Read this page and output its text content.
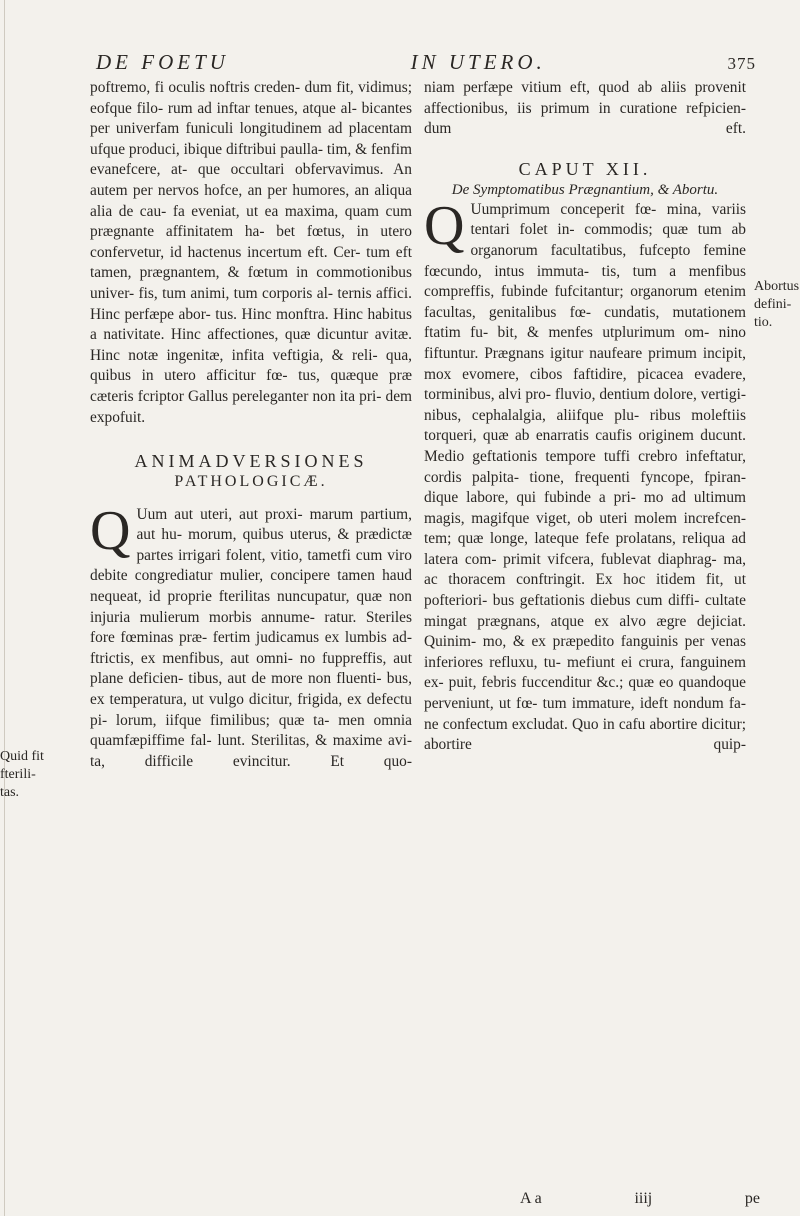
DE FOETU	IN UTERO.	375

poftremo, fi oculis noftris creden- dum fit, vidimus; eofque filo- rum ad inftar tenues, atque al- bicantes per univerfam funiculi longitudinem ad placentam ufque produci, ibique diftribui paulla- tim, & fenfim evanefcere, at- que occultari obfervavimus. An autem per nervos hofce, an per humores, an aliqua alia de cau- fa eveniat, ut ea maxima, quam cum prægnante affinitatem ha- bet fœtus, in utero confervetur, id hactenus incertum eft. Cer- tum eft tamen, prægnantem, & fœtum in commotionibus univer- fis, tum animi, tum corporis al- ternis affici. Hinc perfæpe abor- tus. Hinc monftra. Hinc habitus a nativitate. Hinc affectiones, quæ dicuntur avitæ. Hinc notæ ingenitæ, infita veftigia, & reli- qua, quibus in utero afficitur fœ- tus, quæque præ cæteris fcriptor Gallus pereleganter non ita pri- dem expofuit.

ANIMADVERSIONES

PATHOLOGICÆ.

Q Uum aut uteri, aut proxi- marum partium, aut hu- morum, quibus uterus, & prædictæ partes irrigari folent, vitio, tametfi cum viro debite congrediatur mulier, concipere tamen haud nequeat, id proprie fterilitas nuncupatur, quæ non injuria mulierum morbis annume- ratur. Steriles fore fœminas præ- fertim judicamus ex lumbis ad- ftrictis, ex menfibus, aut omni- no fuppreffis, aut plane deficien- tibus, aut de more non fluenti- bus, ex temperatura, ut vulgo dicitur, frigida, ex defectu pi- lorum, iifque fimilibus; quæ ta- men omnia quamfæpiffime fal- lunt. Sterilitas, & maxime avi- ta, difficile evincitur. Et quo-

niam perfæpe vitium eft, quod ab aliis provenit affectionibus, iis primum in curatione refpicien- dum eft.

CAPUT XII.

De Symptomatibus Prægnantium, & Abortu.

Q Uumprimum conceperit fœ- mina, variis tentari folet in- commodis; quæ tum ab organorum facultatibus, fufcepto femine fœcundo, intus immuta- tis, tum a menfibus compreffis, fubinde fufcitantur; organorum etenim facultas, genitalibus fœ- cundatis, mutationem ftatim fu- bit, & menfes utplurimum om- nino fiftuntur. Prægnans igitur naufeare primum incipit, mox evomere, cibos faftidire, picacea evadere, torminibus, alvi pro- fluvio, dentium dolore, vertigi- nibus, cephalalgia, aliifque plu- ribus moleftiis torqueri, quæ ab enarratis caufis originem ducunt. Medio geftationis tempore tuffi crebro infeftatur, cordis palpita- tione, frequenti fyncope, fpiran- dique labore, qui fubinde a pri- mo ad ultimum magis, magifque viget, ob uteri molem increfcen- tem; quæ longe, lateque fefe prolatans, reliqua ad latera com- primit vifcera, fublevat diaphrag- ma, ac thoracem conftringit. Ex hoc itidem fit, ut pofteriori- bus geftationis diebus cum diffi- cultate mingat prægnans, atque ex alvo ægre dejiciat. Quinim- mo, & ex præpedito fanguinis per venas inferiores refluxu, tu- mefiunt ei crura, fanguinem ex- puit, febris fuccenditur &c.; quæ eo quandoque perveniunt, ut fœ- tum immature, ideft nondum fa- ne confectum excludat. Quo in cafu abortire dicitur; abortire quip-

Quid fit fterili- tas.
Abortus defini- tio.
A a	iiij	pe
